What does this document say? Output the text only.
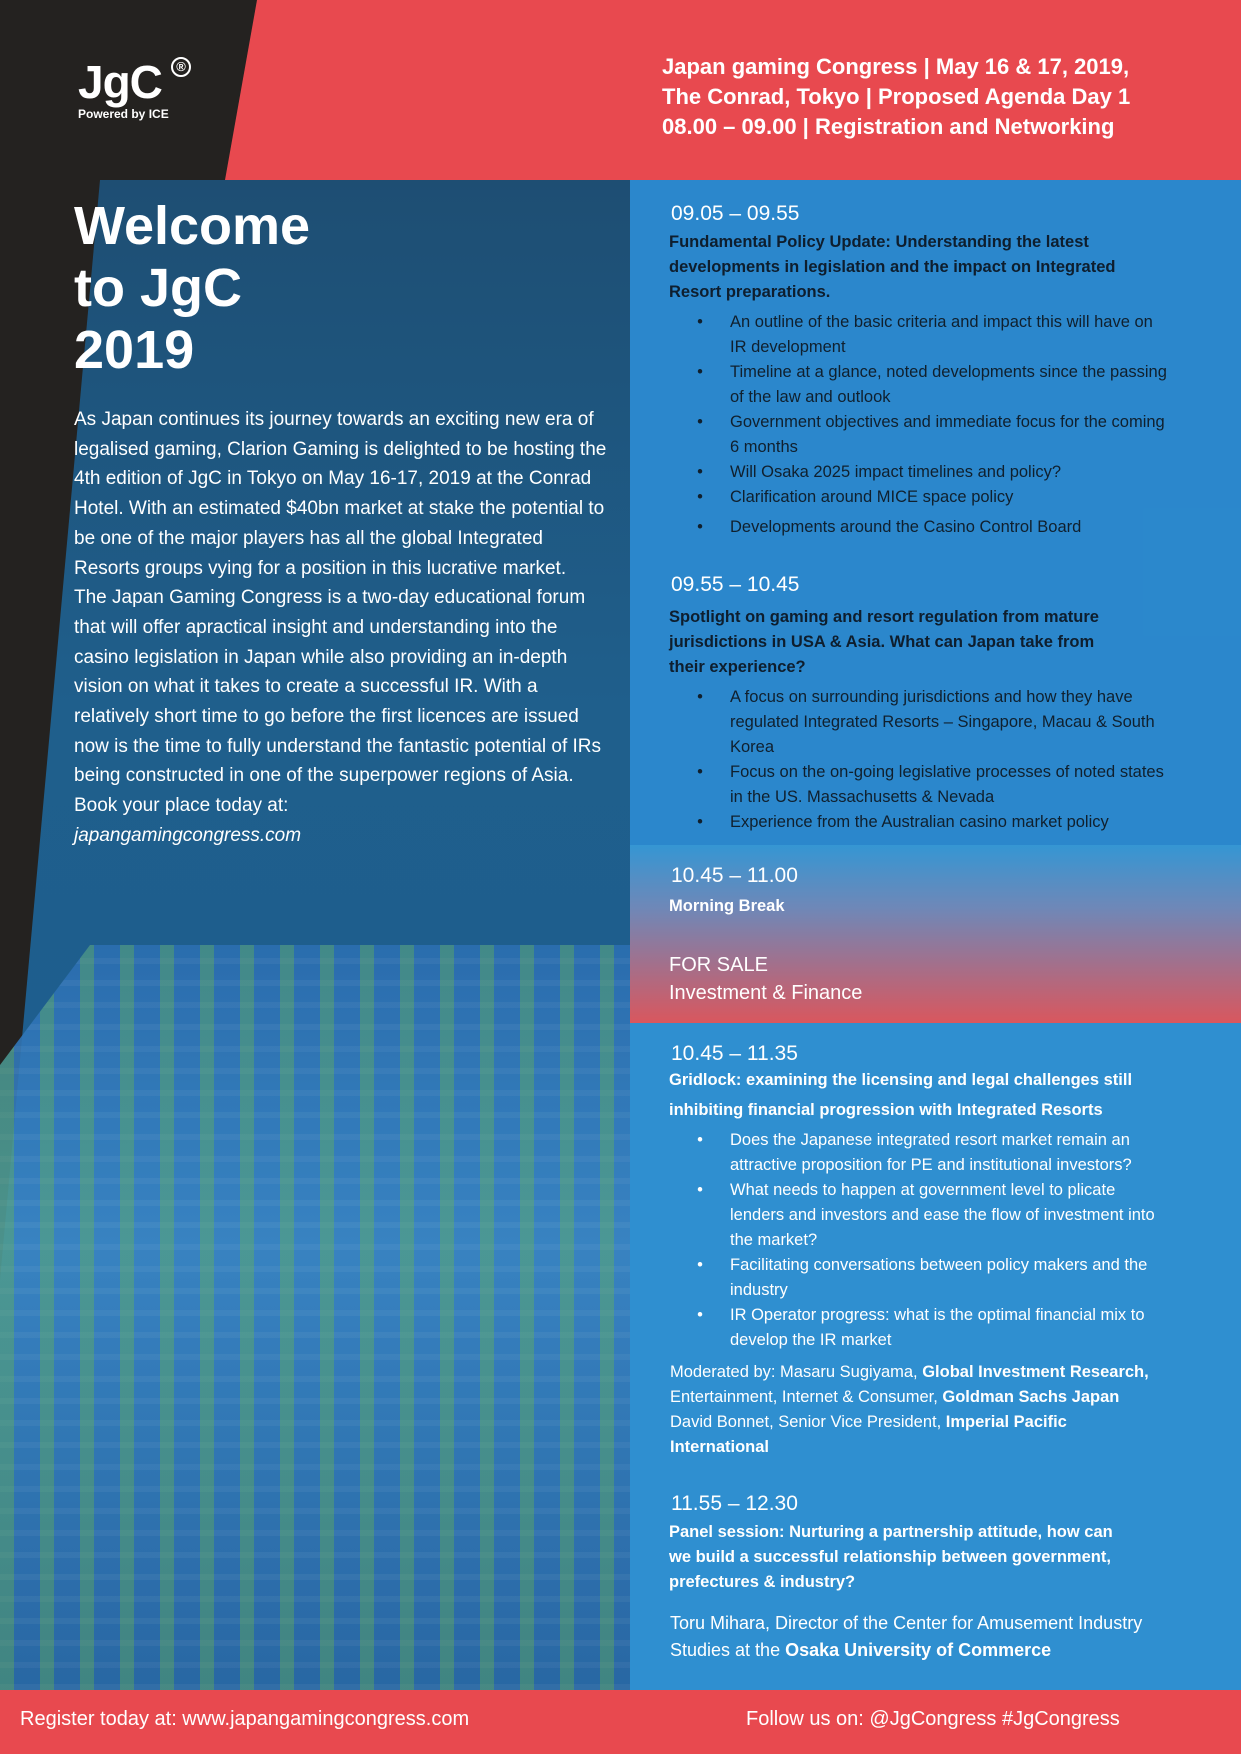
JgC	®
Powered by ICE
Japan gaming Congress | May 16 & 17, 2019,
The Conrad, Tokyo | Proposed Agenda Day 1
08.00 – 09.00 | Registration and Networking
Welcome
to JgC
2019

As Japan continues its journey towards an exciting new era of legalised gaming, Clarion Gaming is delighted to be hosting the 4th edition of JgC in Tokyo on May 16-17, 2019 at the Conrad Hotel. With an estimated $40bn market at stake the potential to be one of the major players has all the global Integrated Resorts groups vying for a position in this lucrative market.

The Japan Gaming Congress is a two-day educational forum that will offer apractical insight and understanding into the casino legislation in Japan while also providing an in-depth vision on what it takes to create a successful IR. With a relatively short time to go before the first licences are issued now is the time to fully understand the fantastic potential of IRs being constructed in one of the superpower regions of Asia.

Book your place today at:

japangamingcongress.com

09.05 – 09.55
Fundamental Policy Update: Understanding the latest developments in legislation and the impact on Integrated Resort preparations.
•	An outline of the basic criteria and impact this will have on IR development
•	Timeline at a glance, noted developments since the passing of the law and outlook
•	Government objectives and immediate focus for the coming 6 months
•	Will Osaka 2025 impact timelines and policy?
•	Clarification around MICE space policy
•	Developments around the Casino Control Board
09.55 – 10.45
Spotlight on gaming and resort regulation from mature jurisdictions in USA & Asia. What can Japan take from their experience?
•	A focus on surrounding jurisdictions and how they have regulated Integrated Resorts – Singapore, Macau & South Korea
•	Focus on the on-going legislative processes of noted states in the US. Massachusetts & Nevada
•	Experience from the Australian casino market policy
10.45 – 11.00
Morning Break
FOR SALE
Investment & Finance
10.45 – 11.35
Gridlock: examining the licensing and legal challenges still
inhibiting financial progression with Integrated Resorts
•	Does the Japanese integrated resort market remain an attractive proposition for PE and institutional investors?
•	What needs to happen at government level to plicate lenders and investors and ease the flow of investment into the market?
•	Facilitating conversations between policy makers and the industry
•	IR Operator progress: what is the optimal financial mix to develop the IR market
Moderated by: Masaru Sugiyama, Global Investment Research, Entertainment, Internet & Consumer, Goldman Sachs Japan David Bonnet, Senior Vice President, Imperial Pacific International
11.55 – 12.30
Panel session: Nurturing a partnership attitude, how can we build a successful relationship between government, prefectures & industry?
Toru Mihara, Director of the Center for Amusement Industry Studies at the Osaka University of Commerce
Register today at: www.japangamingcongress.com	Follow us on: @JgCongress #JgCongress
